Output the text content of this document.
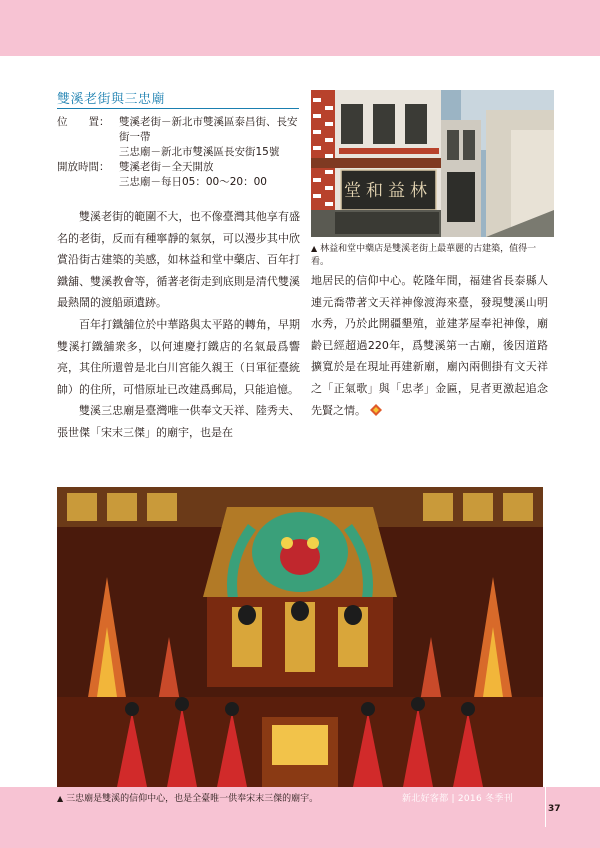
雙溪老街與三忠廟
位　　置： 雙溪老街－新北市雙溪區泰昌街、長安街一帶
三忠廟－新北市雙溪區長安街15號
開放時間： 雙溪老街－全天開放
三忠廟－每日05：00～20：00

雙溪老街的範圍不大，也不像臺灣其他享有盛名的老街，反而有種寧靜的氣氛，可以漫步其中欣賞沿街古建築的美感，如林益和堂中藥店、百年打鐵舖、雙溪教會等，循著老街走到底則是清代雙溪最熱鬧的渡船頭遺跡。

百年打鐵舖位於中華路與太平路的轉角，早期雙溪打鐵舖衆多，以何連慶打鐵店的名氣最爲響亮，其住所還曾是北白川宮能久親王（日軍征臺統帥）的住所，可惜原址已改建爲郵局，只能追憶。

雙溪三忠廟是臺灣唯一供奉文天祥、陸秀夫、張世傑「宋末三傑」的廟宇，也是在

堂和益林
▲ 林益和堂中藥店是雙溪老街上最華麗的古建築，值得一看。

地居民的信仰中心。乾隆年間，福建省長泰縣人連元喬帶著文天祥神像渡海來臺，發現雙溪山明水秀，乃於此開疆墾殖，並建茅屋奉祀神像，廟齡已經超過220年，爲雙溪第一古廟，後因道路擴寬於是在現址再建新廟，廟內兩側掛有文天祥之「正氣歌」與「忠孝」金匾，見者更激起追念先賢之情。

▲ 三忠廟是雙溪的信仰中心，也是全臺唯一供奉宋末三傑的廟宇。	新北好客都 | 2016 冬季刊
37
